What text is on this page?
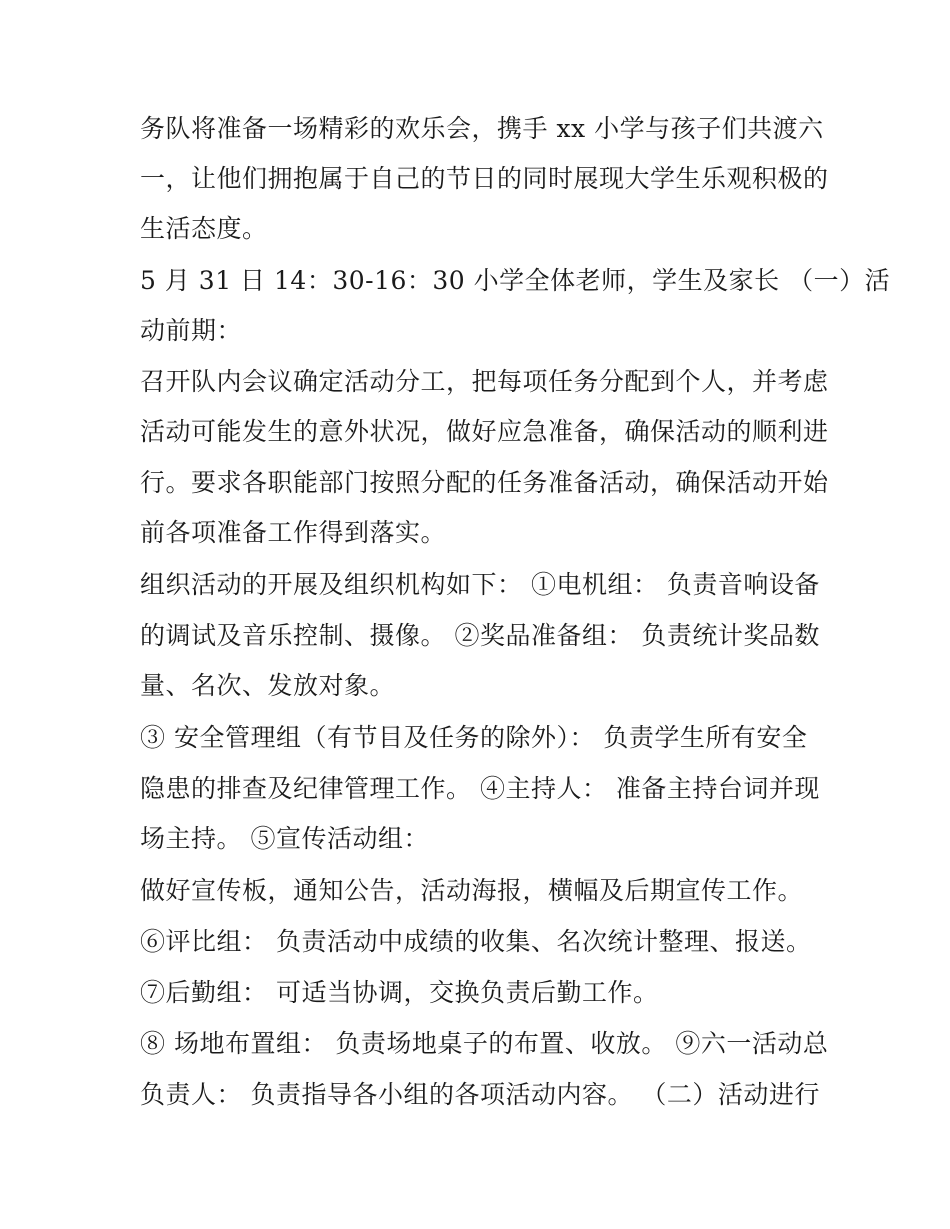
务队将准备一场精彩的欢乐会，携手 xx 小学与孩子们共渡六
一，让他们拥抱属于自己的节日的同时展现大学生乐观积极的
生活态度。
5 月 31 日 14：30-16：30 小学全体老师，学生及家长 （一）活
动前期：
召开队内会议确定活动分工，把每项任务分配到个人，并考虑
活动可能发生的意外状况，做好应急准备，确保活动的顺利进
行。要求各职能部门按照分配的任务准备活动，确保活动开始
前各项准备工作得到落实。
组织活动的开展及组织机构如下： ①电机组： 负责音响设备
的调试及音乐控制、摄像。 ②奖品准备组： 负责统计奖品数
量、名次、发放对象。
③ 安全管理组（有节目及任务的除外）： 负责学生所有安全
隐患的排查及纪律管理工作。 ④主持人： 准备主持台词并现
场主持。 ⑤宣传活动组：
做好宣传板，通知公告，活动海报，横幅及后期宣传工作。
⑥评比组： 负责活动中成绩的收集、名次统计整理、报送。
⑦后勤组： 可适当协调，交换负责后勤工作。
⑧ 场地布置组： 负责场地桌子的布置、收放。 ⑨六一活动总
负责人： 负责指导各小组的各项活动内容。 （二）活动进行
